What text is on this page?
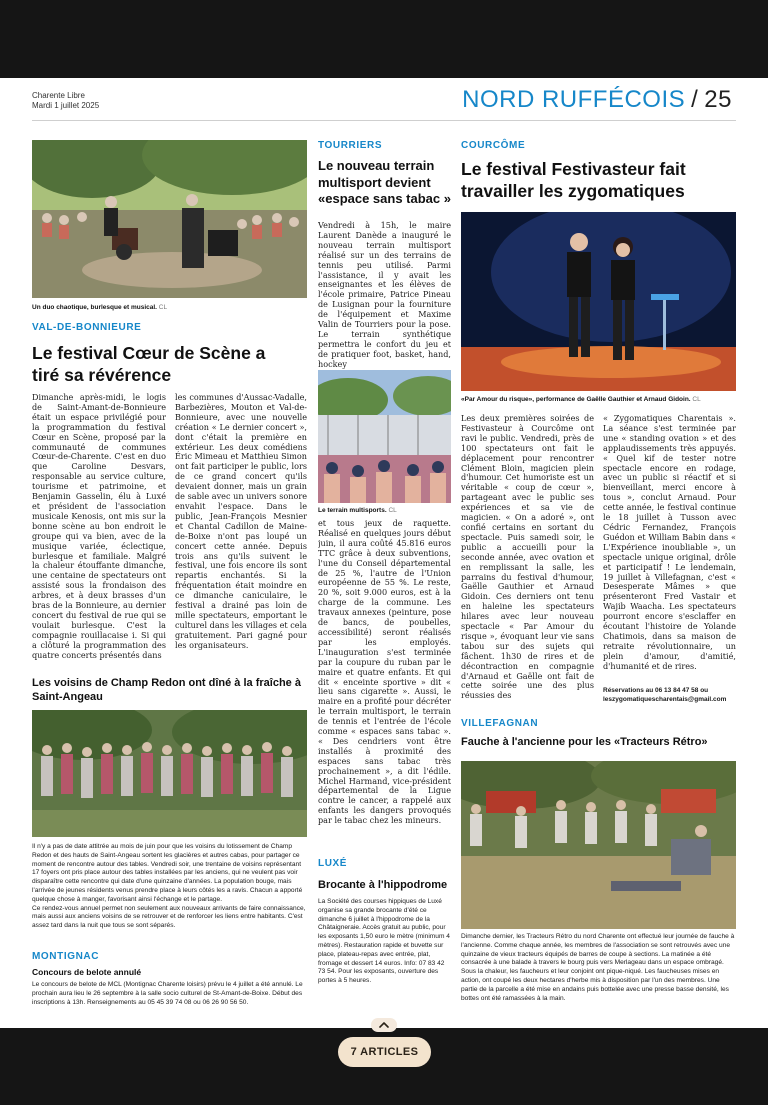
Charente Libre
Mardi 1 juillet 2025	NORD RUFFÉCOIS / 25
Un duo chaotique, burlesque et musical. CL
VAL-DE-BONNIEURE
Le festival Cœur de Scène a tiré sa révérence
Dimanche après-midi, le logis de Saint-Amant-de-Bonnieure était un espace privilégié pour la programmation du festival Cœur en Scène, proposé par la communauté de communes Cœur-de-Charente. C'est en duo que Caroline Desvars, responsable au service culture, tourisme et patrimoine, et Benjamin Gasselin, élu à Luxé et président de l'association musicale Kenosis, ont mis sur la bonne scène au bon endroit le groupe qui va bien, avec de la musique variée, éclectique, burlesque et familiale. Malgré la chaleur étouffante dimanche, une centaine de spectateurs ont assisté sous la frondaison des arbres, et à deux brasses d'un bras de la Bonnieure, au dernier concert du festival de rue qui se voulait burlesque. C'est la compagnie rouillacaise i. Si qui a clôturé la programmation des quatre concerts présentés dans
les communes d'Aussac-Vadalle, Barbezières, Mouton et Val-de-Bonnieure, avec une nouvelle création « Le dernier concert », dont c'était la première en extérieur. Les deux comédiens Éric Mimeau et Matthieu Simon ont fait participer le public, lors de ce grand concert qu'ils devaient donner, mais un grain de sable avec un univers sonore envahit l'espace. Dans le public, Jean-François Mesnier et Chantal Cadillon de Maine-de-Boixe n'ont pas loupé un concert cette année. Depuis trois ans qu'ils suivent le festival, une fois encore ils sont repartis enchantés. Si la fréquentation était moindre en ce dimanche caniculaire, le festival a drainé pas loin de mille spectateurs, emportant le culturel dans les villages et cela gratuitement. Pari gagné pour les organisateurs.
Les voisins de Champ Redon ont dîné à la fraîche à Saint-Angeau

Il n'y a pas de date attitrée au mois de juin pour que les voisins du lotissement de Champ Redon et des hauts de Saint-Angeau sortent les glacières et autres cabas, pour partager ce moment de rencontre autour des tables. Vendredi soir, une trentaine de voisins représentant 17 foyers ont pris place autour des tables installées par les anciens, qui ne veulent pas voir disparaître cette rencontre qui date d'une quinzaine d'années. La population bouge, mais l'arrivée de jeunes résidents venus prendre place à leurs côtés les a ravis. Chacun a apporté quelque chose à manger, favorisant ainsi l'échange et le partage.

Ce rendez-vous annuel permet non seulement aux nouveaux arrivants de faire connaissance, mais aussi aux anciens voisins de se retrouver et de renforcer les liens entre habitants. C'est assez tard dans la nuit que tous se sont séparés.

MONTIGNAC
Concours de belote annulé
Le concours de belote de MCL (Montignac Charente loisirs) prévu le 4 juillet a été annulé. Le prochain aura lieu le 26 septembre à la salle socio culturel de St-Amant-de-Boixe. Début des inscriptions à 13h. Renseignements au 05 45 39 74 08 ou 06 26 90 56 50.
TOURRIERS
Le nouveau terrain multisport devient «espace sans tabac »
Vendredi à 15h, le maire Laurent Danède a inauguré le nouveau terrain multisport réalisé sur un des terrains de tennis peu utilisé. Parmi l'assistance, il y avait les enseignantes et les élèves de l'école primaire, Patrice Pineau de Lusignan pour la fourniture de l'équipement et Maxime Valin de Tourriers pour la pose. Le terrain synthétique permettra le confort du jeu et de pratiquer foot, basket, hand, hockey
Le terrain multisports. CL
et tous jeux de raquette. Réalisé en quelques jours début juin, il aura coûté 45.816 euros TTC grâce à deux subventions, l'une du Conseil départemental de 25 %, l'autre de l'Union européenne de 55 %. Le reste, 20 %, soit 9.000 euros, est à la charge de la commune. Les travaux annexes (peinture, pose de bancs, de poubelles, accessibilité) seront réalisés par les employés. L'inauguration s'est terminée par la coupure du ruban par le maire et quatre enfants. Et qui dit « enceinte sportive » dit « lieu sans cigarette ». Aussi, le maire en a profité pour décréter le terrain multisport, le terrain de tennis et l'entrée de l'école comme « espaces sans tabac ». « Des cendriers vont être installés à proximité des espaces sans tabac très prochainement », a dit l'édile. Michel Harmand, vice-président départemental de la Ligue contre le cancer, a rappelé aux enfants les dangers provoqués par le tabac chez les mineurs.
LUXÉ
Brocante à l'hippodrome
La Société des courses hippiques de Luxé organise sa grande brocante d'été ce dimanche 6 juillet à l'hippodrome de la Châtaigneraie. Accès gratuit au public, pour les exposants 1,50 euro le mètre (minimum 4 mètres). Restauration rapide et buvette sur place, plateau-repas avec entrée, plat, fromage et dessert 14 euros. Info: 07 83 42 73 54. Pour les exposants, ouverture des portes à 5 heures.
COURCÔME
Le festival Festivasteur fait travailler les zygomatiques
«Par Amour du risque», performance de Gaëlle Gauthier et Arnaud Gidoin. CL
Les deux premières soirées de Festivasteur à Courcôme ont ravi le public. Vendredi, près de 100 spectateurs ont fait le déplacement pour rencontrer Clément Bloin, magicien plein d'humour. Cet humoriste est un véritable « coup de cœur », partageant avec le public ses expériences et sa vie de magicien. « On a adoré », ont confié certains en sortant du spectacle. Puis samedi soir, le public a accueilli pour la seconde année, avec ovation et en remplissant la salle, les parrains du festival d'humour, Gaëlle Gauthier et Arnaud Gidoin. Ces derniers ont tenu en haleine les spectateurs hilares avec leur nouveau spectacle « Par Amour du risque », évoquant leur vie sans tabou sur des sujets qui fâchent. 1h30 de rires et de décontraction en compagnie d'Arnaud et Gaëlle ont fait de cette soirée une des plus réussies des
« Zygomatiques Charentais ». La séance s'est terminée par une « standing ovation » et des applaudissements très appuyés. « Quel kif de tester notre spectacle encore en rodage, avec un public si réactif et si bienveillant, merci encore à tous », conclut Arnaud. Pour cette année, le festival continue le 18 juillet à Tusson avec Cédric Fernandez, François Guédon et William Babin dans « L'Expérience inoubliable », un spectacle unique original, drôle et participatif ! Le lendemain, 19 juillet à Villefagnan, c'est « Desesperate Mâmes » que présenteront Fred Vastair et Wajib Waacha. Les spectateurs pourront encore s'esclaffer en écoutant l'histoire de Yolande Chatimois, dans sa maison de retraite révolutionnaire, un plein d'amour, d'amitié, d'humanité et de rires.
Réservations au 06 13 84 47 58 ou leszygomatiquescharentais@gmail.com
VILLEFAGNAN
Fauche à l'ancienne pour les «Tracteurs Rétro»
Dimanche dernier, les Tracteurs Rétro du nord Charente ont effectué leur journée de fauche à l'ancienne. Comme chaque année, les membres de l'association se sont retrouvés avec une quinzaine de vieux tracteurs équipés de barres de coupe à sections. La matinée a été consacrée à une balade à travers le bourg puis vers Merlageau dans un espace ombragé. Sous la chaleur, les faucheurs et leur conjoint ont pique-niqué. Les faucheuses mises en action, ont coupé les deux hectares d'herbe mis à disposition par l'un des membres. Une partie de la parcelle a été mise en andains puis bottelée avec une presse basse densité, les bottes ont été ramassées à la main.
7 ARTICLES
